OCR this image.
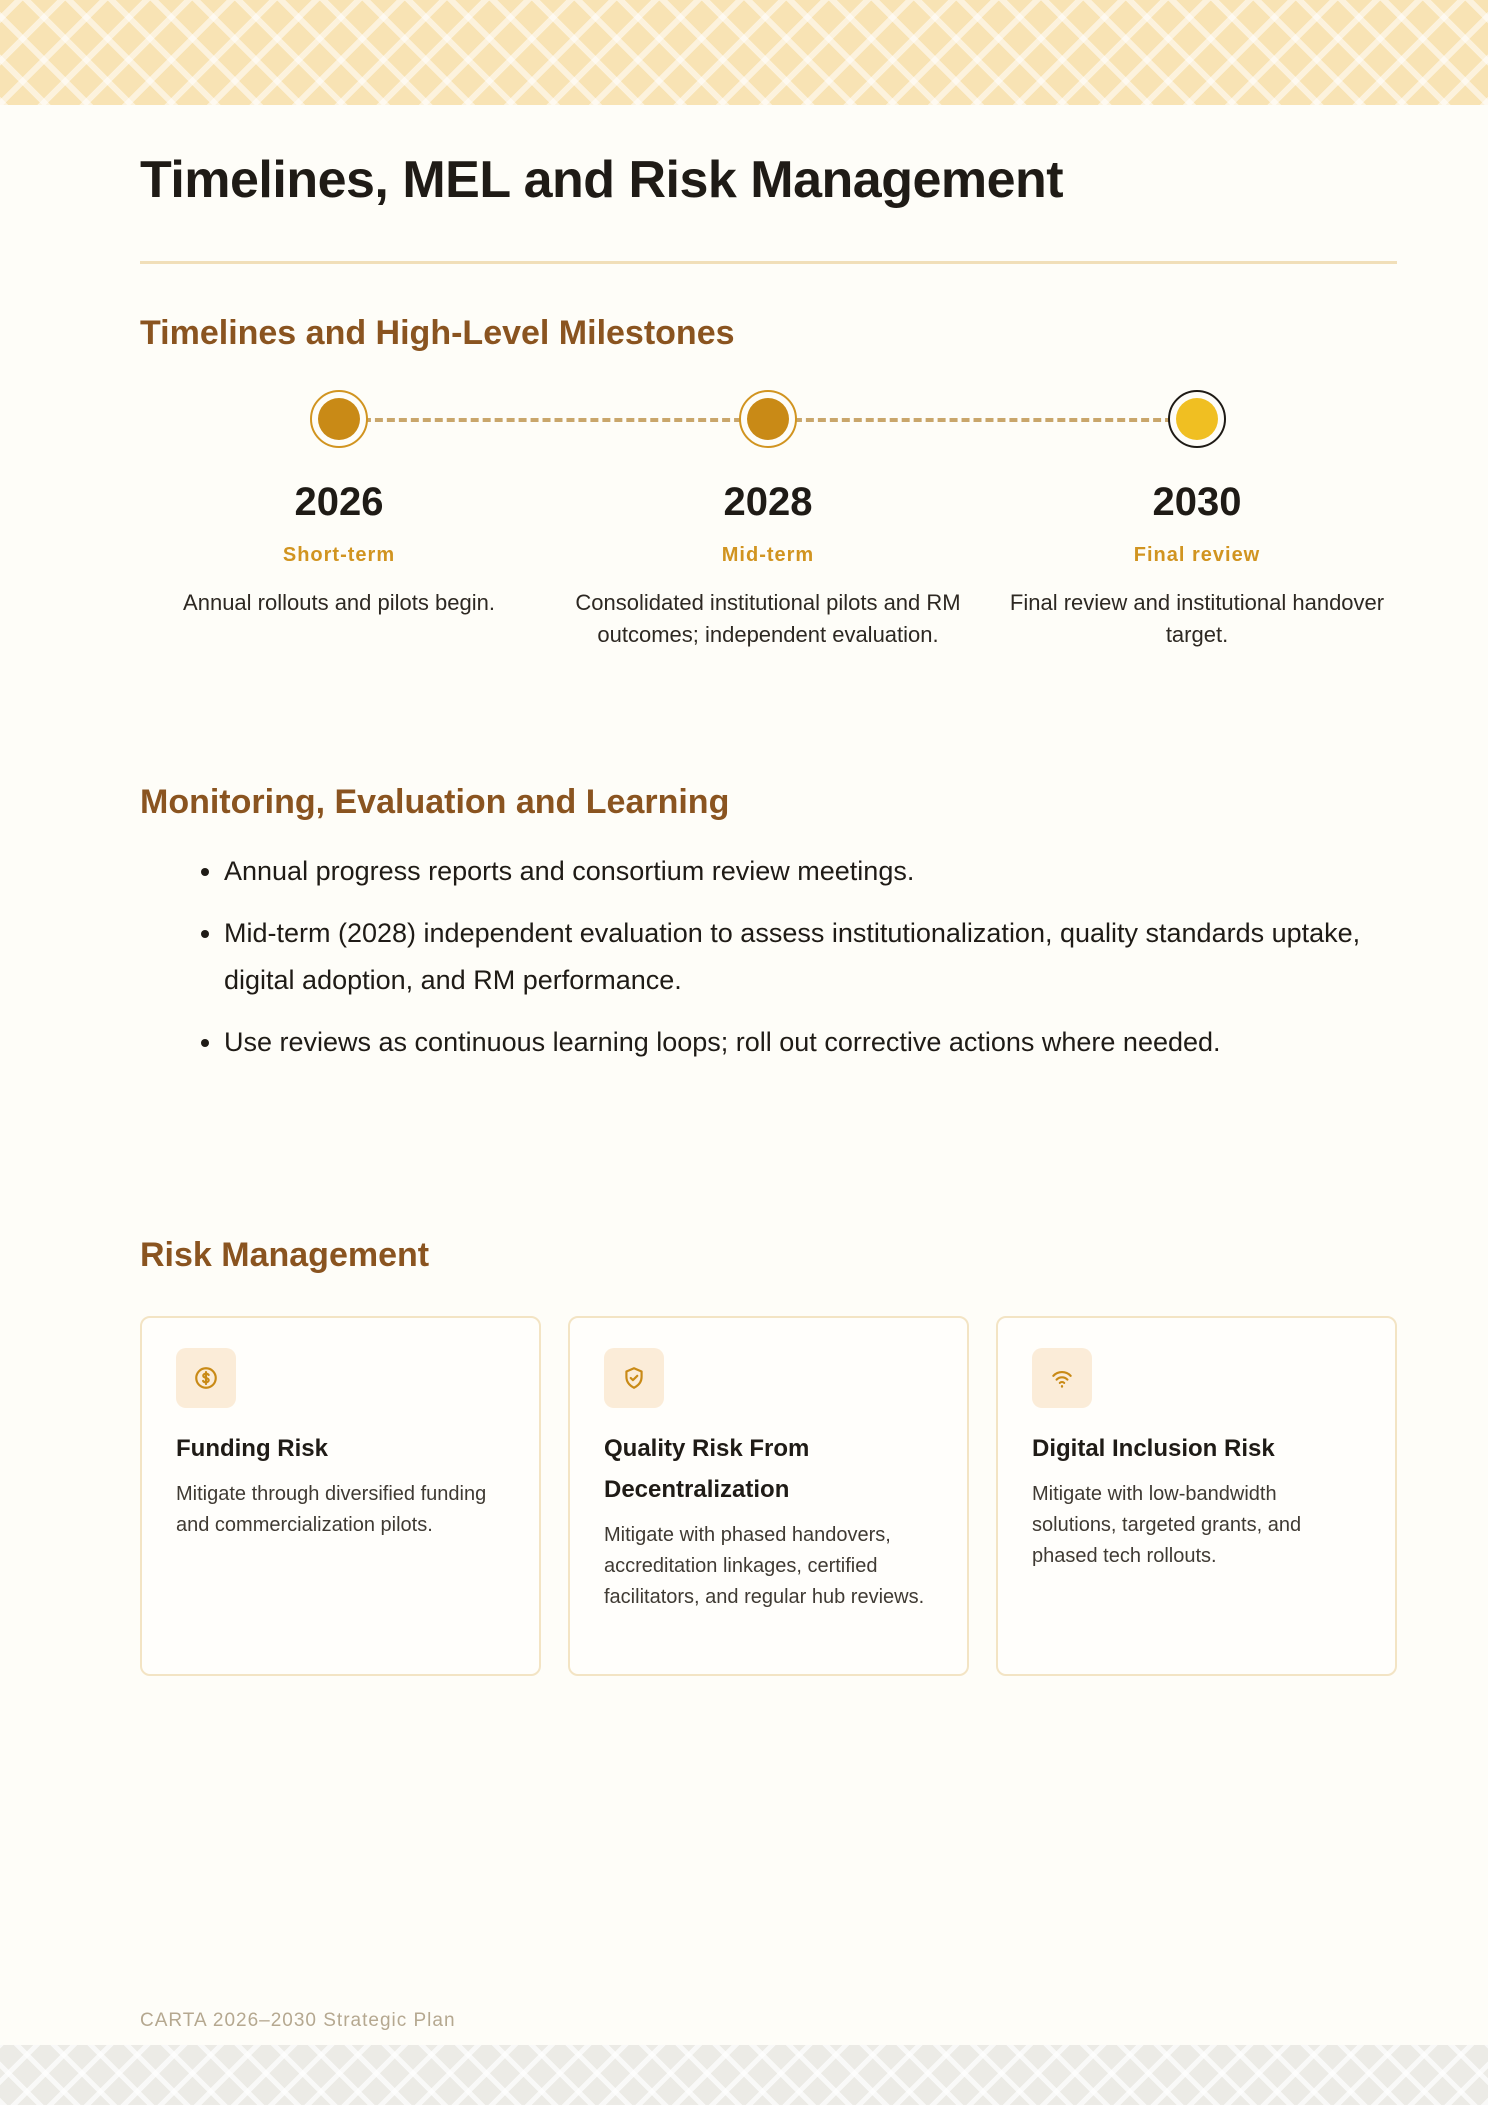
Timelines, MEL and Risk Management
Timelines and High-Level Milestones
2026
Short-term
Annual rollouts and pilots begin.
2028
Mid-term
Consolidated institutional pilots and RM outcomes; independent evaluation.
2030
Final review
Final review and institutional handover target.
Monitoring, Evaluation and Learning
• Annual progress reports and consortium review meetings.
• Mid-term (2028) independent evaluation to assess institutionalization, quality standards uptake, digital adoption, and RM performance.
• Use reviews as continuous learning loops; roll out corrective actions where needed.
Risk Management
Funding Risk
Mitigate through diversified funding and commercialization pilots.
Quality Risk From Decentralization
Mitigate with phased handovers, accreditation linkages, certified facilitators, and regular hub reviews.
Digital Inclusion Risk
Mitigate with low-bandwidth solutions, targeted grants, and phased tech rollouts.
CARTA 2026–2030 Strategic Plan
